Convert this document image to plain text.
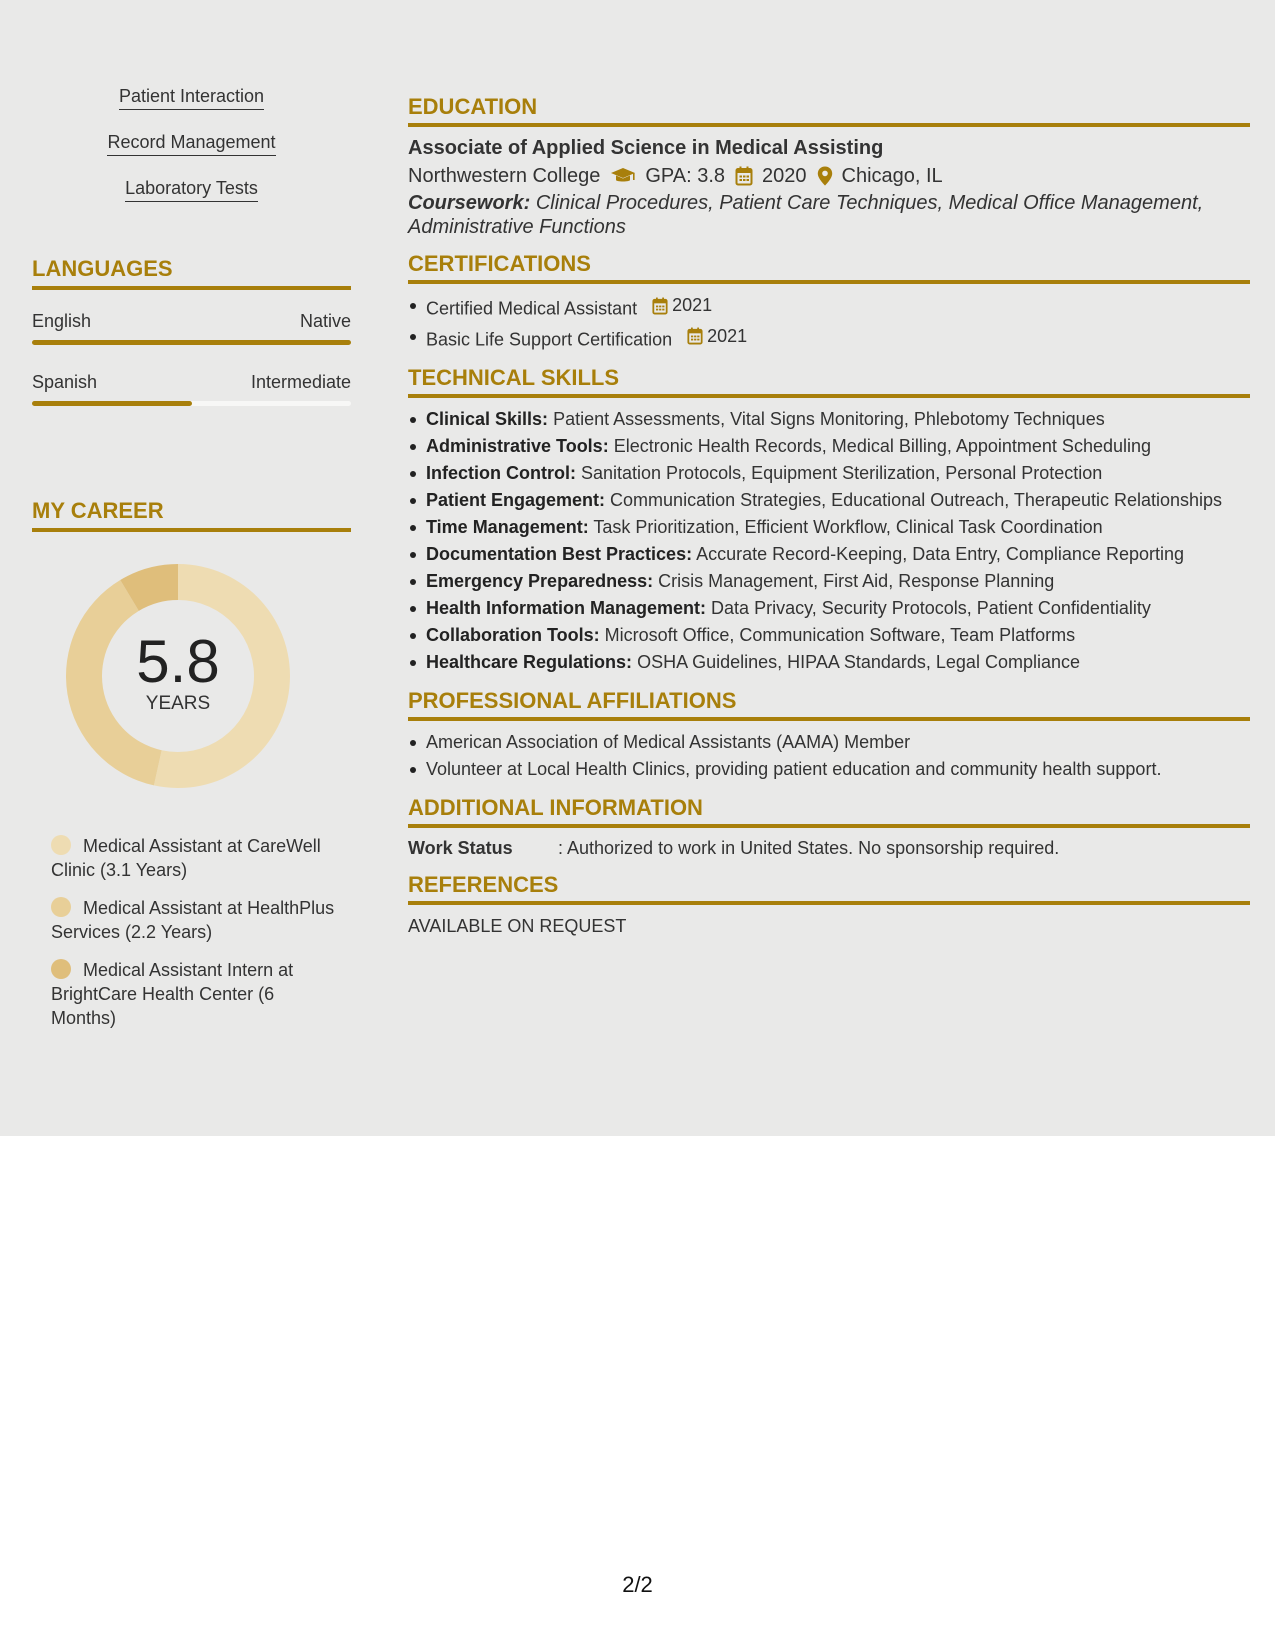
Patient Interaction
Record Management
Laboratory Tests
LANGUAGES
English	Native
Spanish	Intermediate
MY CAREER
5.8
YEARS
Medical Assistant at CareWell Clinic (3.1 Years)
Medical Assistant at HealthPlus Services (2.2 Years)
Medical Assistant Intern at BrightCare Health Center (6 Months)
EDUCATION
Associate of Applied Science in Medical Assisting
Northwestern College GPA: 3.8 2020 Chicago, IL
Coursework: Clinical Procedures, Patient Care Techniques, Medical Office Management, Administrative Functions
CERTIFICATIONS
Certified Medical Assistant 2021
Basic Life Support Certification 2021
TECHNICAL SKILLS
Clinical Skills: Patient Assessments, Vital Signs Monitoring, Phlebotomy Techniques
Administrative Tools: Electronic Health Records, Medical Billing, Appointment Scheduling
Infection Control: Sanitation Protocols, Equipment Sterilization, Personal Protection
Patient Engagement: Communication Strategies, Educational Outreach, Therapeutic Relationships
Time Management: Task Prioritization, Efficient Workflow, Clinical Task Coordination
Documentation Best Practices: Accurate Record-Keeping, Data Entry, Compliance Reporting
Emergency Preparedness: Crisis Management, First Aid, Response Planning
Health Information Management: Data Privacy, Security Protocols, Patient Confidentiality
Collaboration Tools: Microsoft Office, Communication Software, Team Platforms
Healthcare Regulations: OSHA Guidelines, HIPAA Standards, Legal Compliance
PROFESSIONAL AFFILIATIONS
American Association of Medical Assistants (AAMA) Member
Volunteer at Local Health Clinics, providing patient education and community health support.
ADDITIONAL INFORMATION
Work Status	: Authorized to work in United States. No sponsorship required.
REFERENCES
AVAILABLE ON REQUEST
2/2
